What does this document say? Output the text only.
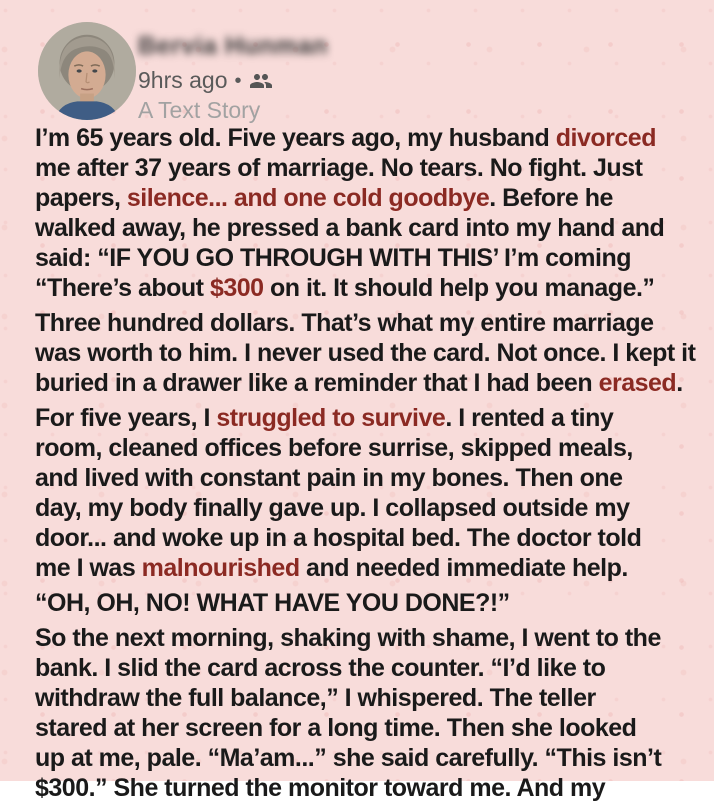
Bervia Hunman
9hrs ago •
A Text Story
I’m 65 years old. Five years ago, my husband divorced
me after 37 years of marriage. No tears. No fight. Just
papers, silence... and one cold goodbye. Before he
walked away, he pressed a bank card into my hand and
said: “IF YOU GO THROUGH WITH THIS’ I’m coming
“There’s about $300 on it. It should help you manage.”
Three hundred dollars. That’s what my entire marriage
was worth to him. I never used the card. Not once. I kept it
buried in a drawer like a reminder that I had been erased.
For five years, I struggled to survive. I rented a tiny
room, cleaned offices before surrise, skipped meals,
and lived with constant pain in my bones. Then one
day, my body finally gave up. I collapsed outside my
door... and woke up in a hospital bed. The doctor told
me I was malnourished and needed immediate help.
“OH, OH, NO! WHAT HAVE YOU DONE?!”
So the next morning, shaking with shame, I went to the
bank. I slid the card across the counter. “I’d like to
withdraw the full balance,” I whispered. The teller
stared at her screen for a long time. Then she looked
up at me, pale. “Ma’am...” she said carefully. “This isn’t
$300.” She turned the monitor toward me. And my
